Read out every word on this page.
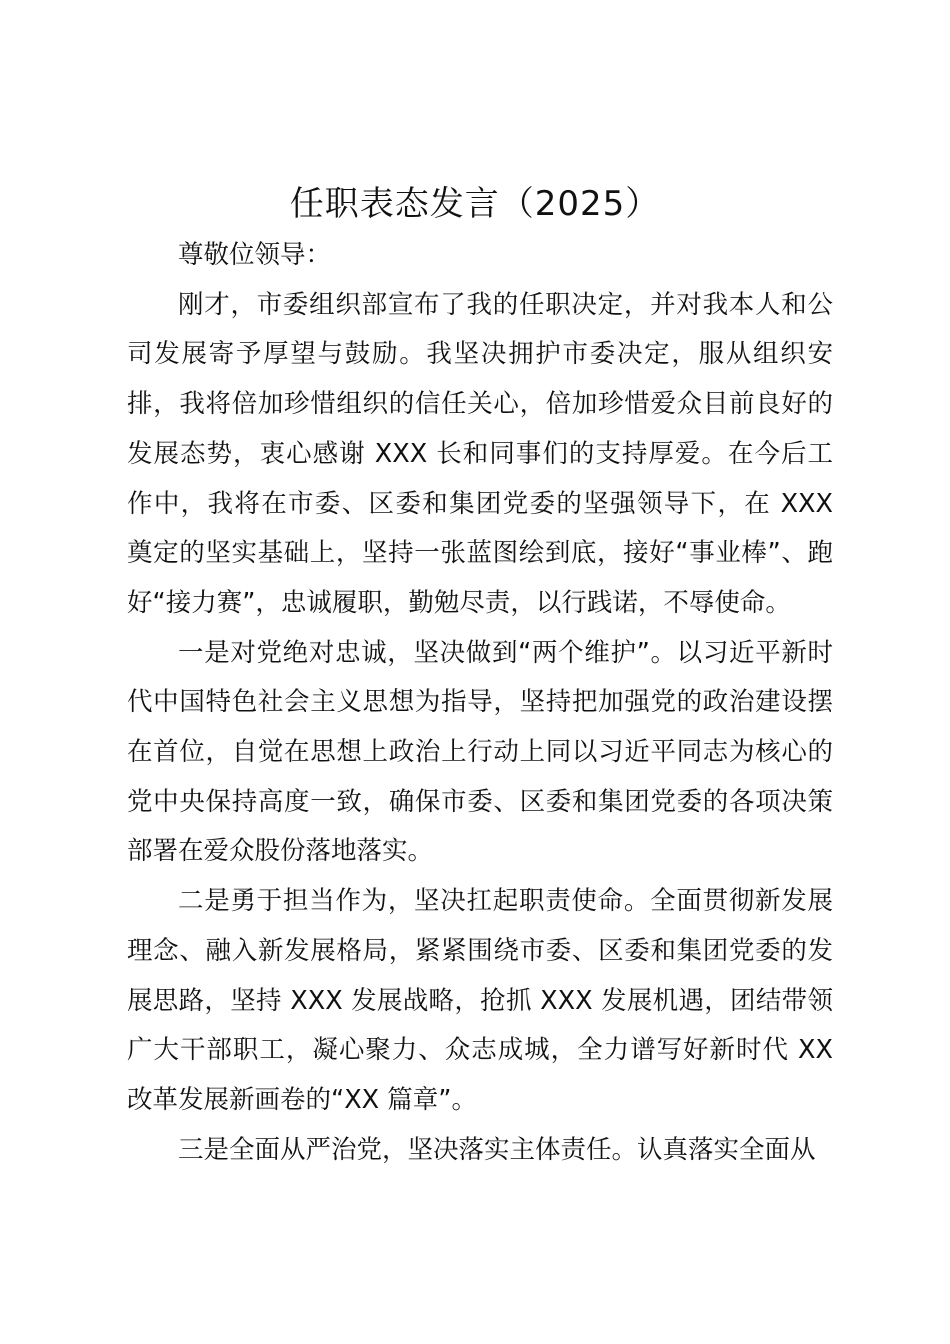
任职表态发言（2025）

尊敬位领导：

刚才，市委组织部宣布了我的任职决定，并对我本人和公司发展寄予厚望与鼓励。我坚决拥护市委决定，服从组织安排，我将倍加珍惜组织的信任关心，倍加珍惜爱众目前良好的发展态势，衷心感谢 XXX 长和同事们的支持厚爱。在今后工作中，我将在市委、区委和集团党委的坚强领导下，在 XXX 奠定的坚实基础上，坚持一张蓝图绘到底，接好“事业棒”、跑好“接力赛”，忠诚履职，勤勉尽责，以行践诺，不辱使命。

一是对党绝对忠诚，坚决做到“两个维护”。以习近平新时代中国特色社会主义思想为指导，坚持把加强党的政治建设摆在首位，自觉在思想上政治上行动上同以习近平同志为核心的党中央保持高度一致，确保市委、区委和集团党委的各项决策部署在爱众股份落地落实。

二是勇于担当作为，坚决扛起职责使命。全面贯彻新发展理念、融入新发展格局，紧紧围绕市委、区委和集团党委的发展思路，坚持 XXX 发展战略，抢抓 XXX 发展机遇，团结带领广大干部职工，凝心聚力、众志成城，全力谱写好新时代 XX 改革发展新画卷的“XX 篇章”。

三是全面从严治党，坚决落实主体责任。认真落实全面从
